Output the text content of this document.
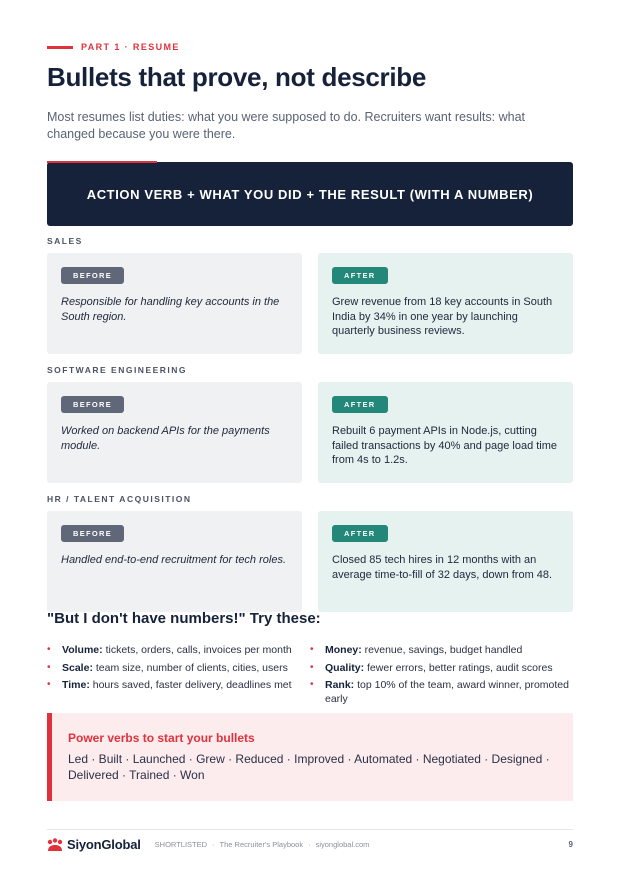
PART 1 · RESUME
Bullets that prove, not describe

Most resumes list duties: what you were supposed to do. Recruiters want results: what changed because you were there.

ACTION VERB + WHAT YOU DID + THE RESULT (WITH A NUMBER)
SALES
BEFORE

Responsible for handling key accounts in the South region.

AFTER

Grew revenue from 18 key accounts in South India by 34% in one year by launching quarterly business reviews.

SOFTWARE ENGINEERING
BEFORE

Worked on backend APIs for the payments module.

AFTER

Rebuilt 6 payment APIs in Node.js, cutting failed transactions by 40% and page load time from 4s to 1.2s.

HR / TALENT ACQUISITION
BEFORE

Handled end-to-end recruitment for tech roles.

AFTER

Closed 85 tech hires in 12 months with an average time-to-fill of 32 days, down from 48.

"But I don't have numbers!" Try these:
• Volume: tickets, orders, calls, invoices per month
• Scale: team size, number of clients, cities, users
• Time: hours saved, faster delivery, deadlines met
• Money: revenue, savings, budget handled
• Quality: fewer errors, better ratings, audit scores
• Rank: top 10% of the team, award winner, promoted early
Power verbs to start your bullets

Led · Built · Launched · Grew · Reduced · Improved · Automated · Negotiated · Designed · Delivered · Trained · Won

SiyonGlobal SHORTLISTED · The Recruiter's Playbook · siyonglobal.com	9
